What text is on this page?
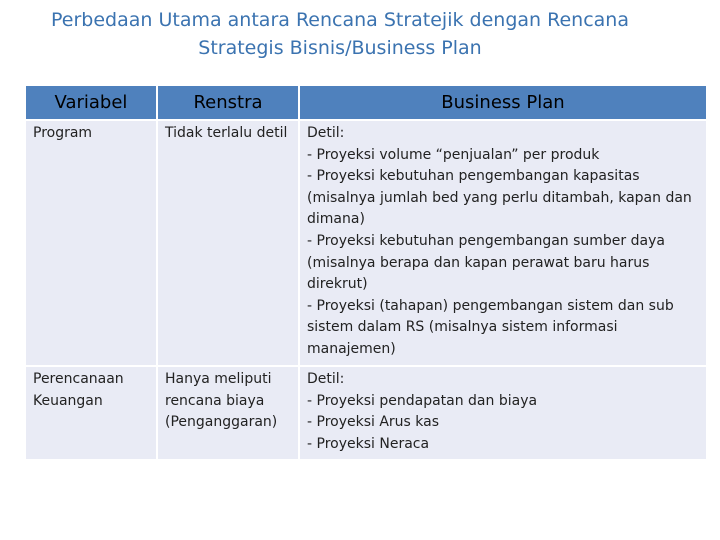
Perbedaan Utama antara Rencana Stratejik dengan Rencana Strategis Bisnis/Business Plan
Variabel	Renstra	Business Plan
Program	Tidak terlalu detil	Detil:
- Proyeksi volume “penjualan” per produk
- Proyeksi kebutuhan pengembangan kapasitas (misalnya jumlah bed yang perlu ditambah, kapan dan dimana)
- Proyeksi kebutuhan pengembangan sumber daya (misalnya berapa dan kapan perawat baru harus direkrut)
- Proyeksi (tahapan) pengembangan sistem dan sub sistem dalam RS (misalnya sistem informasi manajemen)
Perencanaan Keuangan	Hanya meliputi rencana biaya (Penganggaran)	Detil:
- Proyeksi pendapatan dan biaya
- Proyeksi Arus kas
- Proyeksi Neraca
